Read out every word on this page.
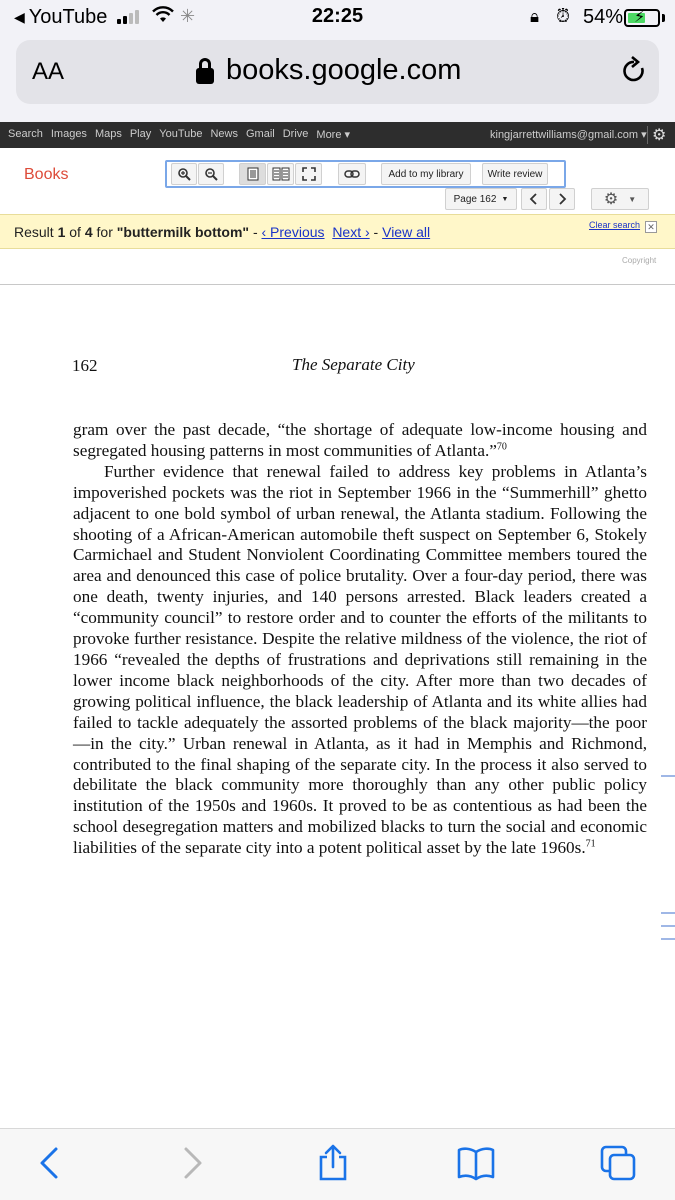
◀ YouTube	✳	22:25	🔒︎ ⏰︎ 54% ⚡︎
AA	books.google.com
Search Images Maps Play YouTube News Gmail Drive More ▾	kingjarrettwilliams@gmail.com ▾ ⚙
Books	Add to my library	Write review
Page 162 ▼	⚙ ▼
Result 1 of 4 for "buttermilk bottom" - ‹ Previous Next › - View all	Clear search ✕
Copyright
162	The Separate City

gram over the past decade, “the shortage of adequate low-income housing and segregated housing patterns in most communities of Atlanta.”$^{70}$

Further evidence that renewal failed to address key problems in Atlanta’s impoverished pockets was the riot in September 1966 in the “Summerhill” ghetto adjacent to one bold symbol of urban renewal, the Atlanta stadium. Following the shooting of a African-American automobile theft suspect on September 6, Stokely Carmichael and Student Nonviolent Coordinating Committee members toured the area and denounced this case of police brutality. Over a four-day period, there was one death, twenty injuries, and 140 persons arrested. Black leaders created a “community council” to restore order and to counter the efforts of the militants to provoke further resistance. Despite the relative mildness of the violence, the riot of 1966 “revealed the depths of frustrations and deprivations still remaining in the lower income black neighborhoods of the city. After more than two decades of growing political influence, the black leadership of Atlanta and its white allies had failed to tackle adequately the assorted problems of the black majority—the poor—in the city.” Urban renewal in Atlanta, as it had in Memphis and Richmond, contributed to the final shaping of the separate city. In the process it also served to debilitate the black community more thoroughly than any other public policy institution of the 1950s and 1960s. It proved to be as contentious as had been the school desegregation matters and mobilized blacks to turn the social and economic liabilities of the separate city into a potent political asset by the late 1960s.$^{71}$
